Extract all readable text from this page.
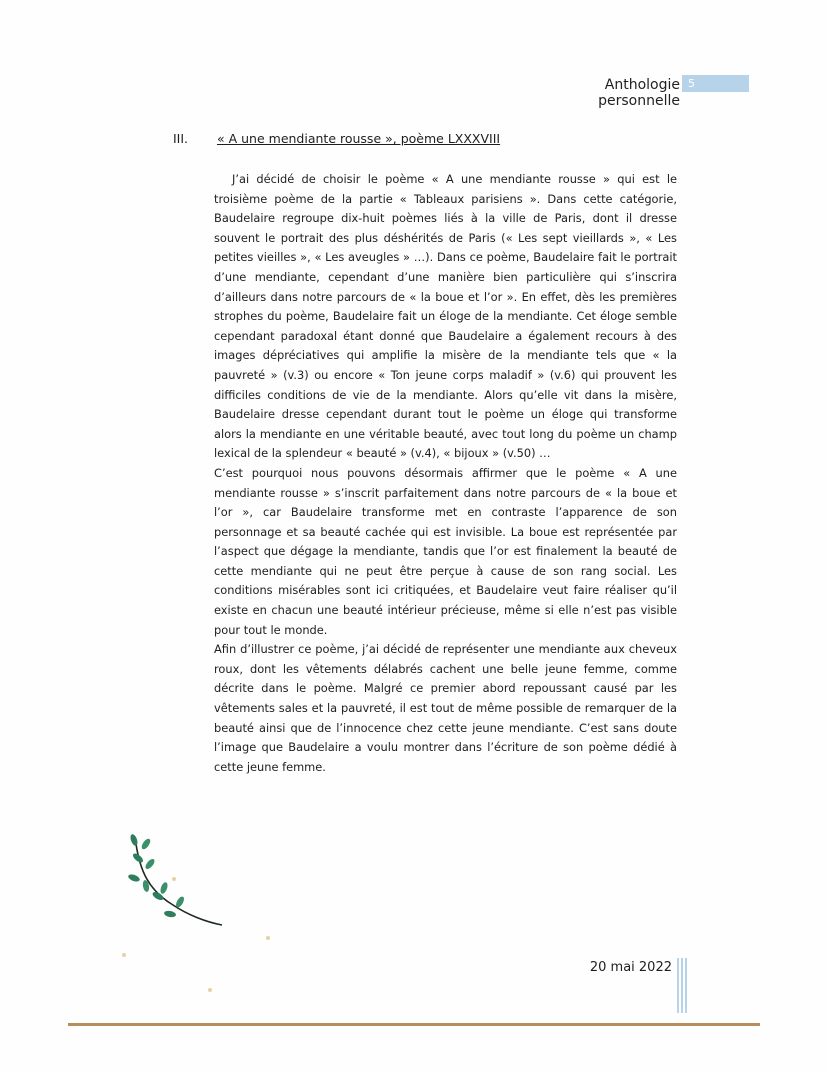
Anthologie personnelle
5
III. « A une mendiante rousse », poème LXXXVIII

J’ai décidé de choisir le poème « A une mendiante rousse » qui est le troisième poème de la partie « Tableaux parisiens ». Dans cette catégorie, Baudelaire regroupe dix-huit poèmes liés à la ville de Paris, dont il dresse souvent le portrait des plus déshérités de Paris (« Les sept vieillards », « Les petites vieilles », « Les aveugles » …). Dans ce poème, Baudelaire fait le portrait d’une mendiante, cependant d’une manière bien particulière qui s’inscrira d’ailleurs dans notre parcours de « la boue et l’or ». En effet, dès les premières strophes du poème, Baudelaire fait un éloge de la mendiante. Cet éloge semble cependant paradoxal étant donné que Baudelaire a également recours à des images dépréciatives qui amplifie la misère de la mendiante tels que « la pauvreté » (v.3) ou encore « Ton jeune corps maladif » (v.6) qui prouvent les difficiles conditions de vie de la mendiante. Alors qu’elle vit dans la misère, Baudelaire dresse cependant durant tout le poème un éloge qui transforme alors la mendiante en une véritable beauté, avec tout long du poème un champ lexical de la splendeur « beauté » (v.4), « bijoux » (v.50) …

C’est pourquoi nous pouvons désormais affirmer que le poème « A une mendiante rousse » s’inscrit parfaitement dans notre parcours de « la boue et l’or », car Baudelaire transforme met en contraste l’apparence de son personnage et sa beauté cachée qui est invisible. La boue est représentée par l’aspect que dégage la mendiante, tandis que l’or est finalement la beauté de cette mendiante qui ne peut être perçue à cause de son rang social. Les conditions misérables sont ici critiquées, et Baudelaire veut faire réaliser qu’il existe en chacun une beauté intérieur précieuse, même si elle n’est pas visible pour tout le monde.

Afin d’illustrer ce poème, j’ai décidé de représenter une mendiante aux cheveux roux, dont les vêtements délabrés cachent une belle jeune femme, comme décrite dans le poème. Malgré ce premier abord repoussant causé par les vêtements sales et la pauvreté, il est tout de même possible de remarquer de la beauté ainsi que de l’innocence chez cette jeune mendiante. C’est sans doute l’image que Baudelaire a voulu montrer dans l’écriture de son poème dédié à cette jeune femme.

20 mai 2022
